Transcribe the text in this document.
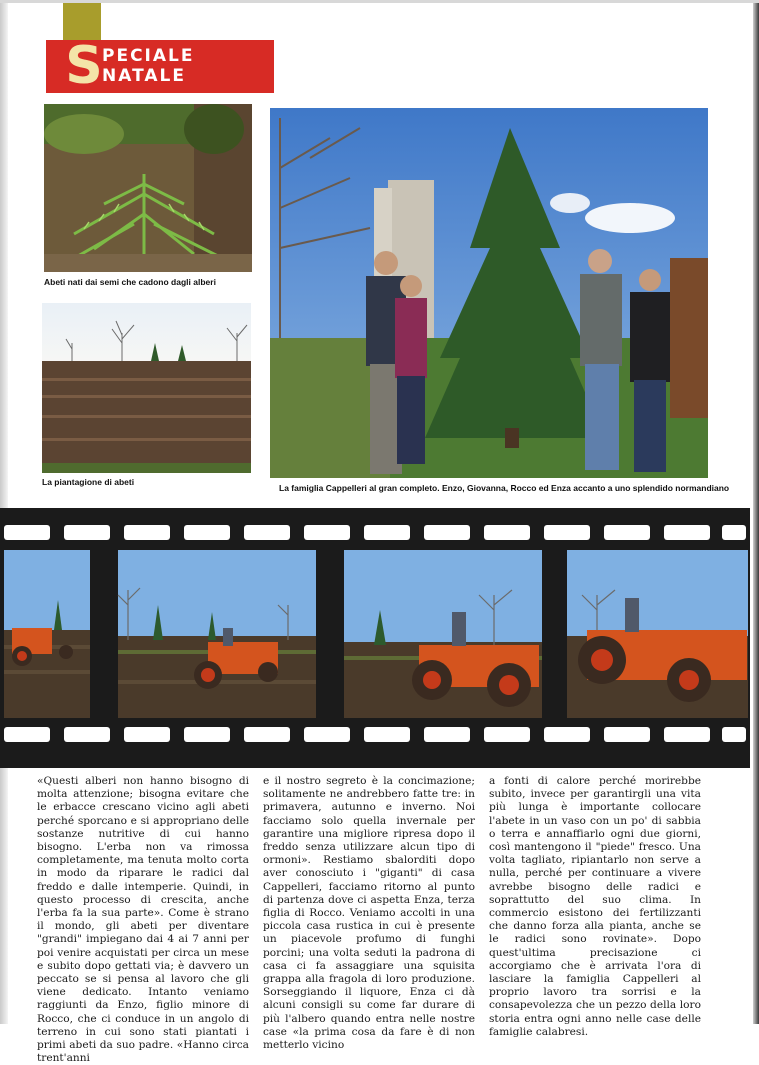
S PECIALE
NATALE
Abeti nati dai semi che cadono dagli alberi
La piantagione di abeti
La famiglia Cappelleri al gran completo. Enzo, Giovanna, Rocco ed Enza accanto a uno splendido normandiano

«Questi alberi non hanno bisogno di molta attenzione; bisogna evitare che le erbacce crescano vicino agli abeti perché sporcano e si appropriano delle sostanze nutritive di cui hanno bisogno. L'erba non va rimossa completamente, ma tenuta molto corta in modo da riparare le radici dal freddo e dalle intemperie. Quindi, in questo processo di crescita, anche l'erba fa la sua parte». Come è strano il mondo, gli abeti per diventare "grandi" impiegano dai 4 ai 7 anni per poi venire acquistati per circa un mese e subito dopo gettati via; è davvero un peccato se si pensa al lavoro che gli viene dedicato. Intanto veniamo raggiunti da Enzo, figlio minore di Rocco, che ci conduce in un angolo di terreno in cui sono stati piantati i primi abeti da suo padre. «Hanno circa trent'anni

e il nostro segreto è la concimazione; solitamente ne andrebbero fatte tre: in primavera, autunno e inverno. Noi facciamo solo quella invernale per garantire una migliore ripresa dopo il freddo senza utilizzare alcun tipo di ormoni». Restiamo sbalorditi dopo aver conosciuto i "giganti" di casa Cappelleri, facciamo ritorno al punto di partenza dove ci aspetta Enza, terza figlia di Rocco. Veniamo accolti in una piccola casa rustica in cui è presente un piacevole profumo di funghi porcini; una volta seduti la padrona di casa ci fa assaggiare una squisita grappa alla fragola di loro produzione. Sorseggiando il liquore, Enza ci dà alcuni consigli su come far durare di più l'albero quando entra nelle nostre case «la prima cosa da fare è di non metterlo vicino

a fonti di calore perché morirebbe subito, invece per garantirgli una vita più lunga è importante collocare l'abete in un vaso con un po' di sabbia o terra e annaffiarlo ogni due giorni, così mantengono il "piede" fresco. Una volta tagliato, ripiantarlo non serve a nulla, perché per continuare a vivere avrebbe bisogno delle radici e soprattutto del suo clima. In commercio esistono dei fertilizzanti che danno forza alla pianta, anche se le radici sono rovinate». Dopo quest'ultima precisazione ci accorgiamo che è arrivata l'ora di lasciare la famiglia Cappelleri al proprio lavoro tra sorrisi e la consapevolezza che un pezzo della loro storia entra ogni anno nelle case delle famiglie calabresi.
